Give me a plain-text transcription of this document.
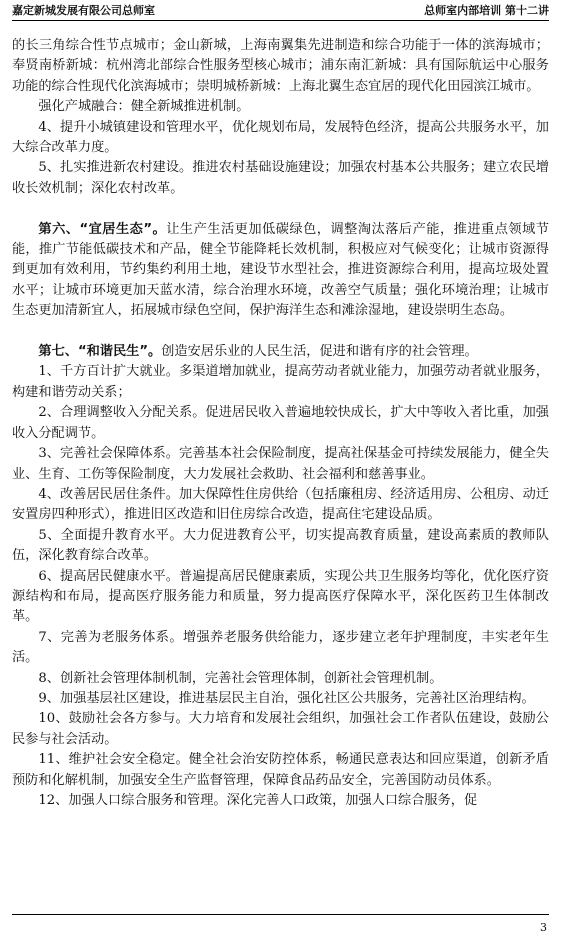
嘉定新城发展有限公司总师室	总师室内部培训 第十二讲

的长三角综合性节点城市；金山新城，上海南翼集先进制造和综合功能于一体的滨海城市；奉贤南桥新城：杭州湾北部综合性服务型核心城市；浦东南汇新城：具有国际航运中心服务功能的综合性现代化滨海城市；崇明城桥新城：上海北翼生态宜居的现代化田园滨江城市。

强化产城融合：健全新城推进机制。

4、提升小城镇建设和管理水平，优化规划布局，发展特色经济，提高公共服务水平，加大综合改革力度。

5、扎实推进新农村建设。推进农村基础设施建设；加强农村基本公共服务；建立农民增收长效机制；深化农村改革。

第六、“宜居生态”。让生产生活更加低碳绿色，调整淘汰落后产能，推进重点领域节能，推广节能低碳技术和产品，健全节能降耗长效机制，积极应对气候变化；让城市资源得到更加有效利用，节约集约利用土地，建设节水型社会，推进资源综合利用，提高垃圾处置水平；让城市环境更加天蓝水清，综合治理水环境，改善空气质量；强化环境治理；让城市生态更加清新宜人，拓展城市绿色空间，保护海洋生态和滩涂湿地，建设崇明生态岛。

第七、“和谐民生”。创造安居乐业的人民生活，促进和谐有序的社会管理。

1、千方百计扩大就业。多渠道增加就业，提高劳动者就业能力，加强劳动者就业服务，构建和谐劳动关系；

2、合理调整收入分配关系。促进居民收入普遍地较快成长，扩大中等收入者比重，加强收入分配调节。

3、完善社会保障体系。完善基本社会保险制度，提高社保基金可持续发展能力，健全失业、生育、工伤等保险制度，大力发展社会救助、社会福利和慈善事业。

4、改善居民居住条件。加大保障性住房供给（包括廉租房、经济适用房、公租房、动迁安置房四种形式），推进旧区改造和旧住房综合改造，提高住宅建设品质。

5、全面提升教育水平。大力促进教育公平，切实提高教育质量，建设高素质的教师队伍，深化教育综合改革。

6、提高居民健康水平。普遍提高居民健康素质，实现公共卫生服务均等化，优化医疗资源结构和布局，提高医疗服务能力和质量，努力提高医疗保障水平，深化医药卫生体制改革。

7、完善为老服务体系。增强养老服务供给能力，逐步建立老年护理制度，丰实老年生活。

8、创新社会管理体制机制，完善社会管理体制，创新社会管理机制。

9、加强基层社区建设，推进基层民主自治，强化社区公共服务，完善社区治理结构。

10、鼓励社会各方参与。大力培育和发展社会组织，加强社会工作者队伍建设，鼓励公民参与社会活动。

11、维护社会安全稳定。健全社会治安防控体系，畅通民意表达和回应渠道，创新矛盾预防和化解机制，加强安全生产监督管理，保障食品药品安全，完善国防动员体系。

12、加强人口综合服务和管理。深化完善人口政策，加强人口综合服务，促

3
